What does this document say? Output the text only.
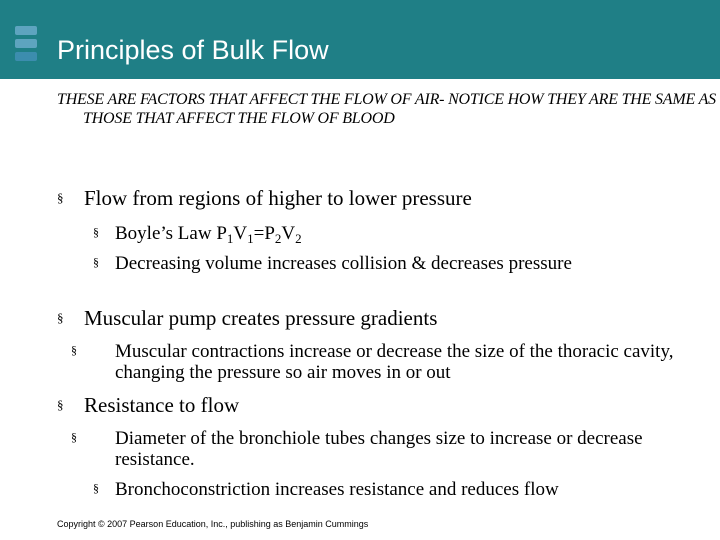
Principles of Bulk Flow
THESE ARE FACTORS THAT AFFECT THE FLOW OF AIR- NOTICE HOW THEY ARE THE SAME AS THOSE THAT AFFECT THE FLOW OF BLOOD
§ Flow from regions of higher to lower pressure
§ Boyle’s Law $P_1V_1=P_2V_2$
§ Decreasing volume increases collision & decreases pressure
§ Muscular pump creates pressure gradients
§ Muscular contractions increase or decrease the size of the thoracic cavity, changing the pressure so air moves in or out
§ Resistance to flow
§ Diameter of the bronchiole tubes changes size to increase or decrease resistance.
§ Bronchoconstriction increases resistance and reduces flow
Copyright © 2007 Pearson Education, Inc., publishing as Benjamin Cummings
